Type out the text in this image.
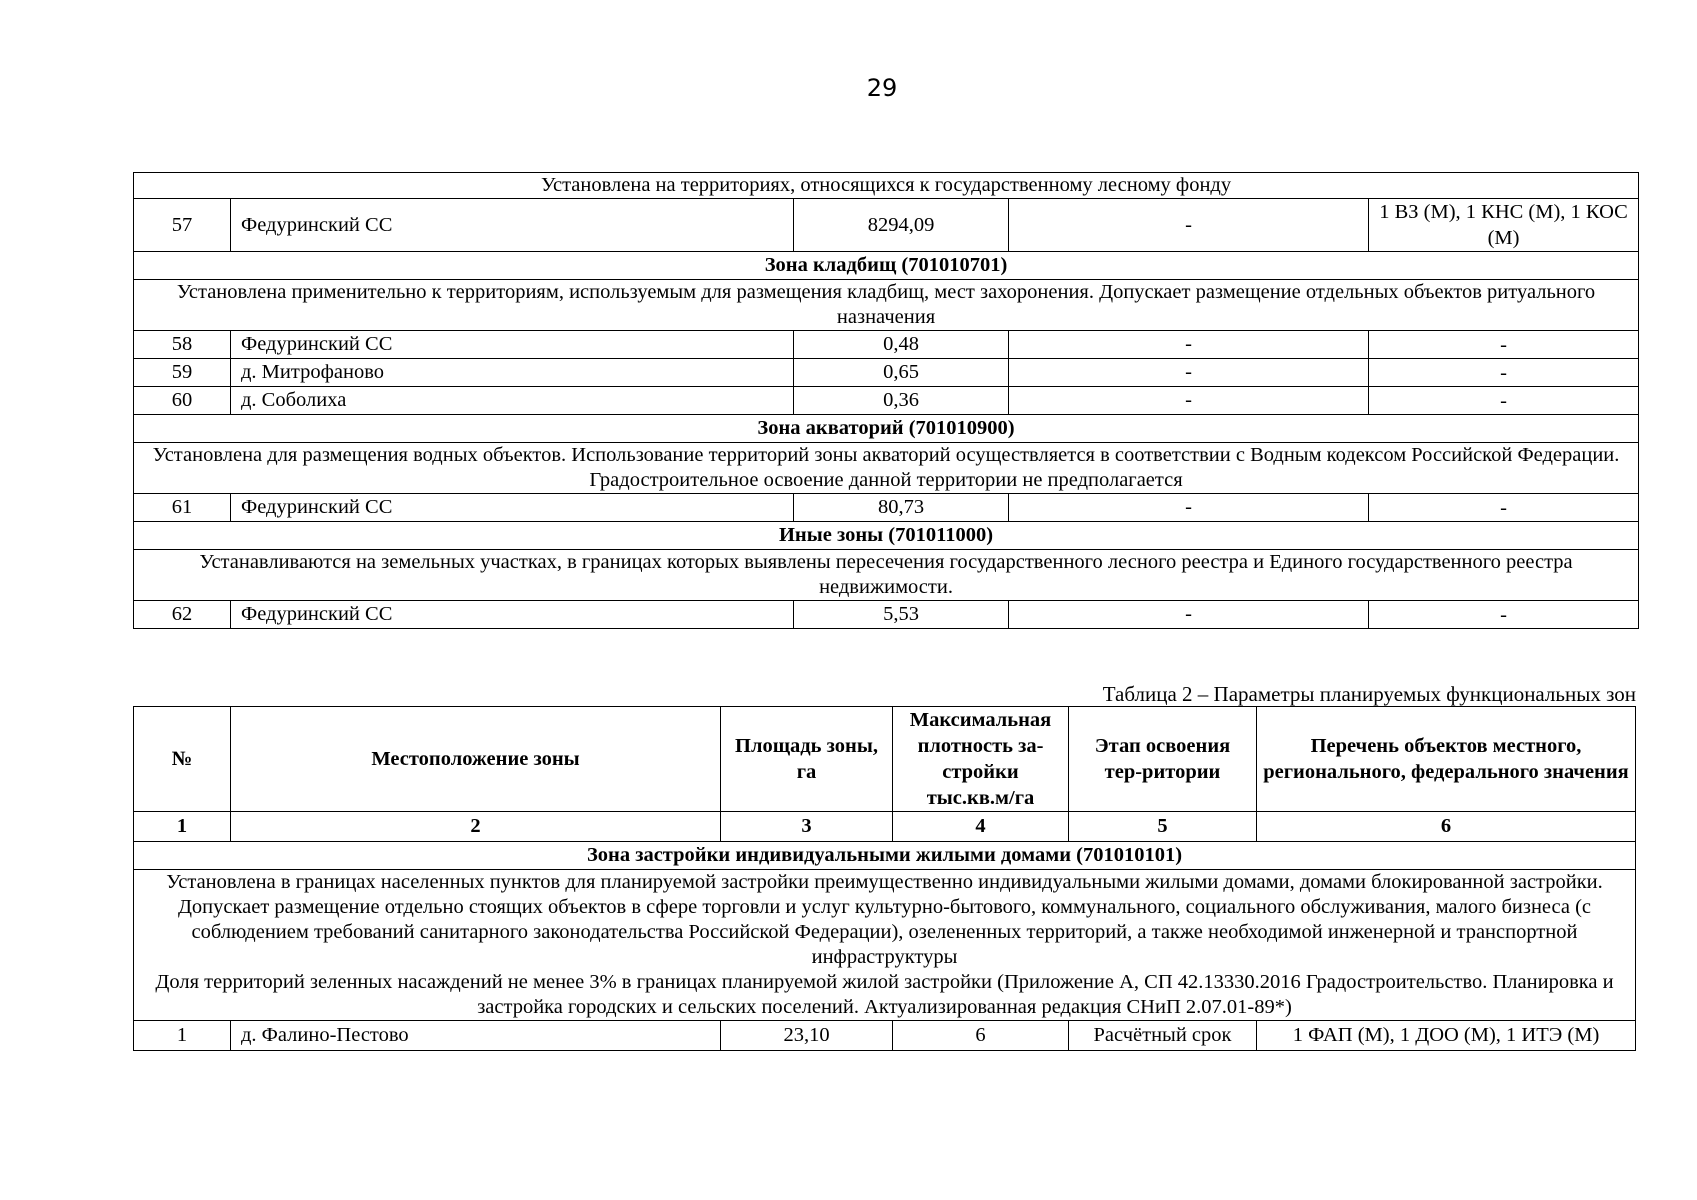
29
Установлена на территориях, относящихся к государственному лесному фонду				
57	Федуринский СС	8294,09	-	1 ВЗ (М), 1 КНС (М), 1 КОС (М)
Зона кладбищ (701010701)				
Установлена применительно к территориям, используемым для размещения кладбищ, мест захоронения. Допускает размещение отдельных объектов ритуального назначения				
58	Федуринский СС	0,48	-	-
59	д. Митрофаново	0,65	-	-
60	д. Соболиха	0,36	-	-
Зона акваторий (701010900)				
Установлена для размещения водных объектов. Использование территорий зоны акваторий осуществляется в соответствии с Водным кодексом Российской Федерации. Градостроительное освоение данной территории не предполагается				
61	Федуринский СС	80,73	-	-
Иные зоны (701011000)				
Устанавливаются на земельных участках, в границах которых выявлены пересечения государственного лесного реестра и Единого государственного реестра недвижимости.				
62	Федуринский СС	5,53	-	-
Таблица 2 – Параметры планируемых функциональных зон
№	Местоположение зоны	Площадь зоны, га	Максимальная плотность за-стройки тыс.кв.м/га	Этап освоения тер-ритории	Перечень объектов местного, регионального, федерального значения
1	2	3	4	5	6
Зона застройки индивидуальными жилыми домами (701010101)					

Установлена в границах населенных пунктов для планируемой застройки преимущественно индивидуальными жилыми домами, домами блокированной застройки. Допускает размещение отдельно стоящих объектов в сфере торговли и услуг культурно-бытового, коммунального, социального обслуживания, малого бизнеса (с соблюдением требований санитарного законодательства Российской Федерации), озелененных территорий, а также необходимой инженерной и транспортной инфраструктуры
Доля территорий зеленных насаждений не менее 3% в границах планируемой жилой застройки (Приложение А, СП 42.13330.2016 Градостроительство. Планировка и застройка городских и сельских поселений. Актуализированная редакция СНиП 2.07.01-89*)					

1	д. Фалино-Пестово	23,10	6	Расчётный срок	1 ФАП (М), 1 ДОО (М), 1 ИТЭ (М)
